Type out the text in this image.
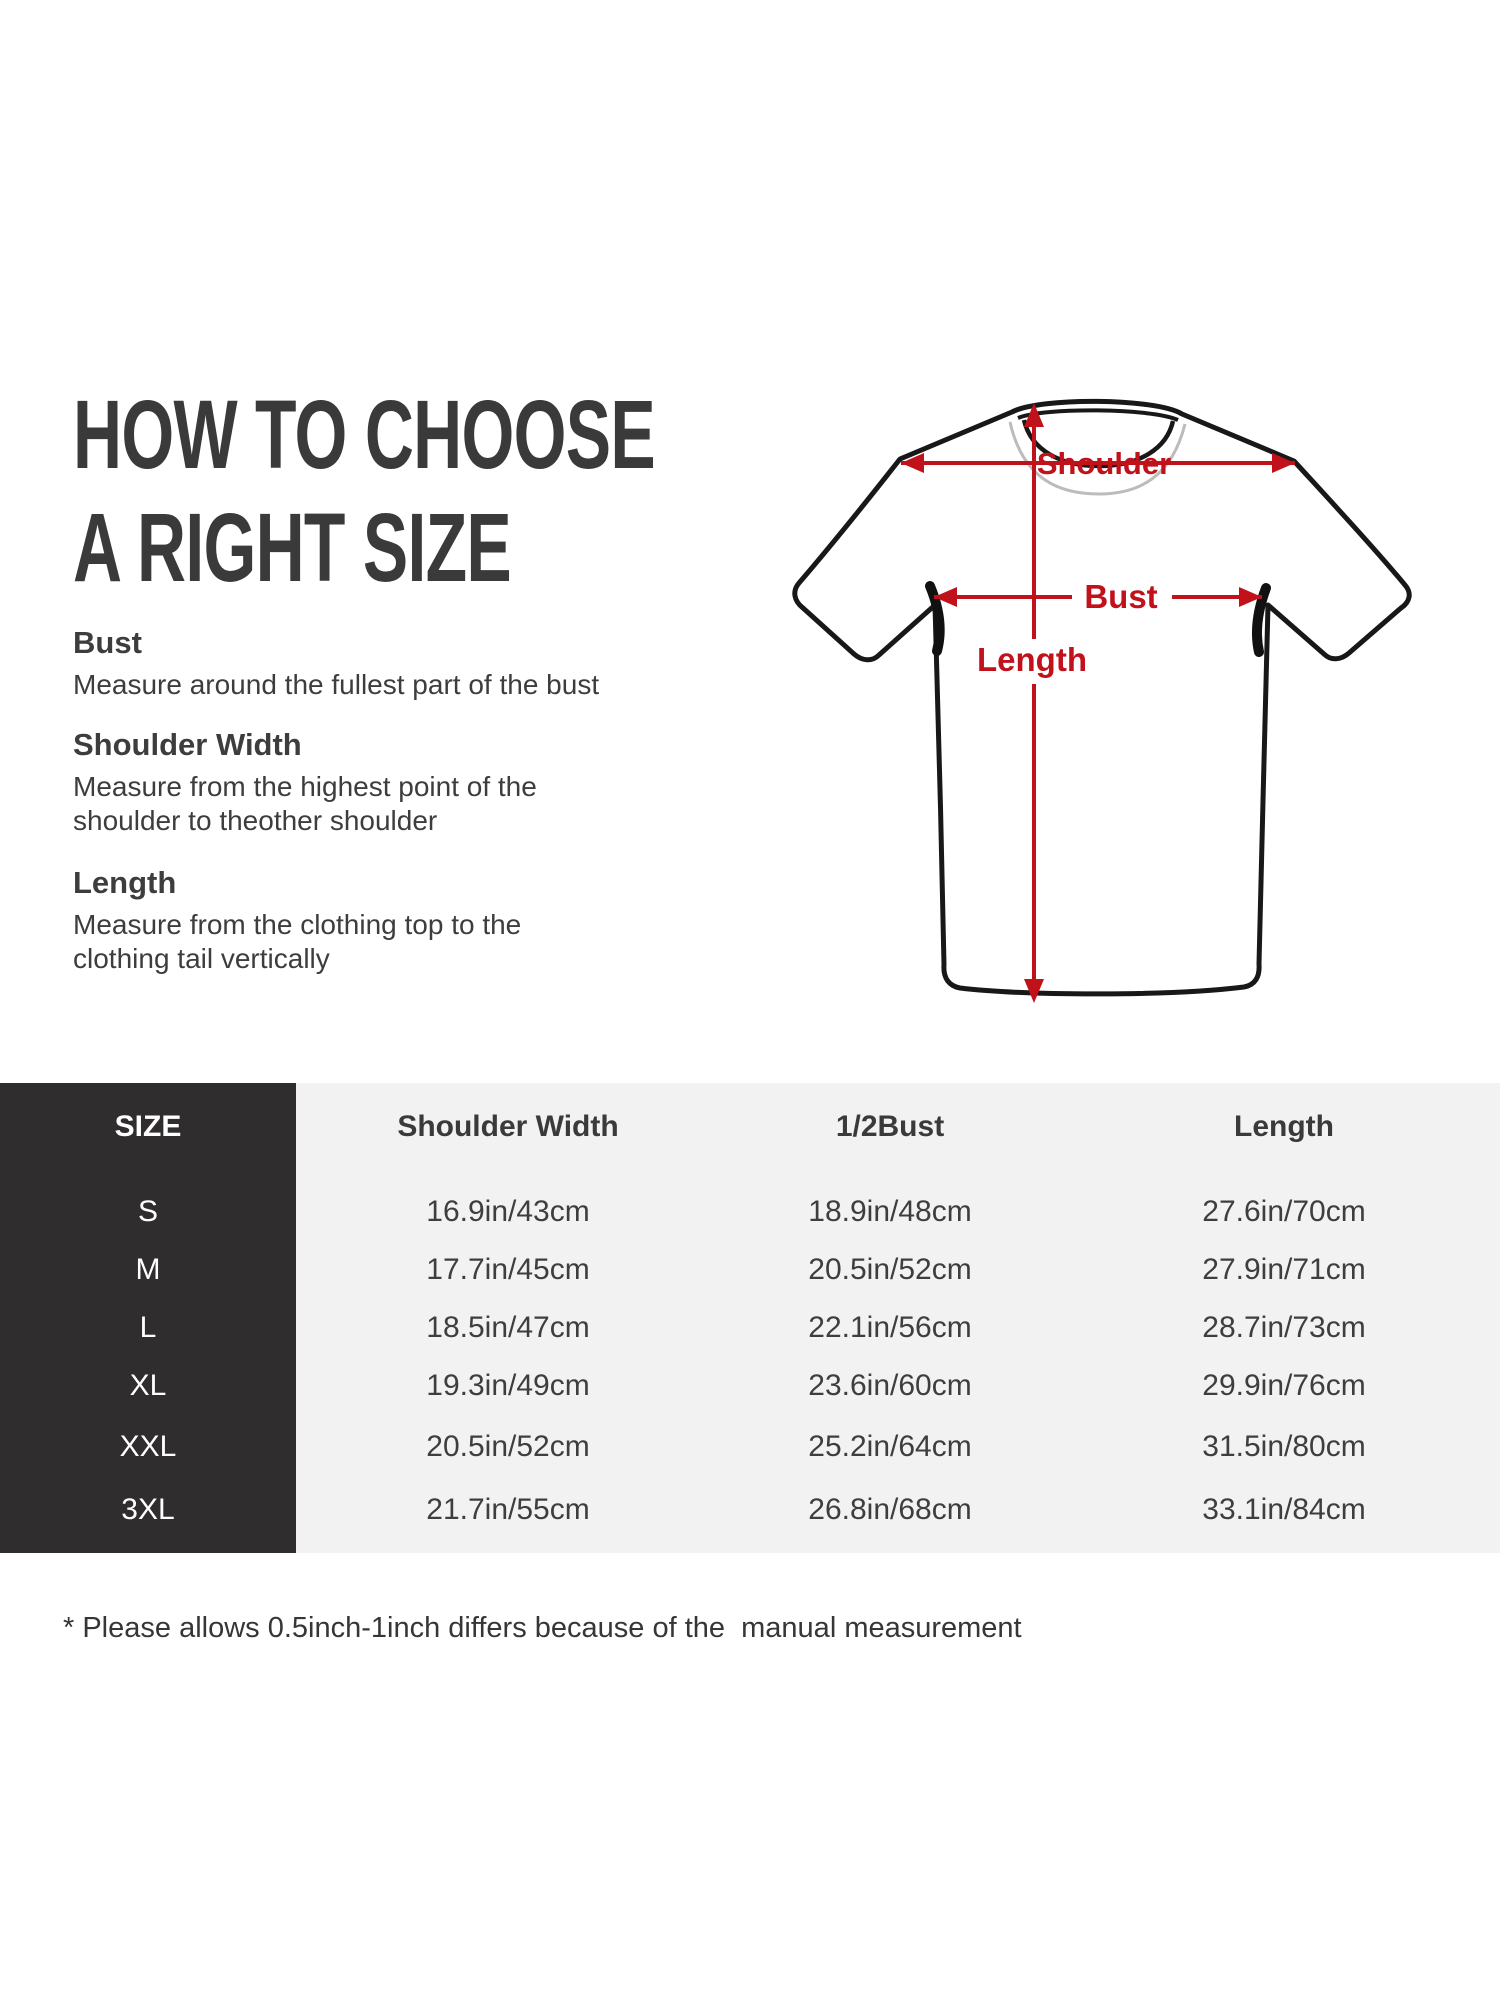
HOW TO CHOOSE
A RIGHT SIZE

Bust

Measure around the fullest part of the bust

Shoulder Width

Measure from the highest point of the
shoulder to theother shoulder

Length

Measure from the clothing top to the
clothing tail vertically

Shoulder
Bust
Length
SIZE	Shoulder Width	1/2Bust	Length
S	16.9in/43cm	18.9in/48cm	27.6in/70cm
M	17.7in/45cm	20.5in/52cm	27.9in/71cm
L	18.5in/47cm	22.1in/56cm	28.7in/73cm
XL	19.3in/49cm	23.6in/60cm	29.9in/76cm
XXL	20.5in/52cm	25.2in/64cm	31.5in/80cm
3XL	21.7in/55cm	26.8in/68cm	33.1in/84cm
* Please allows 0.5inch-1inch differs because of the  manual measurement
